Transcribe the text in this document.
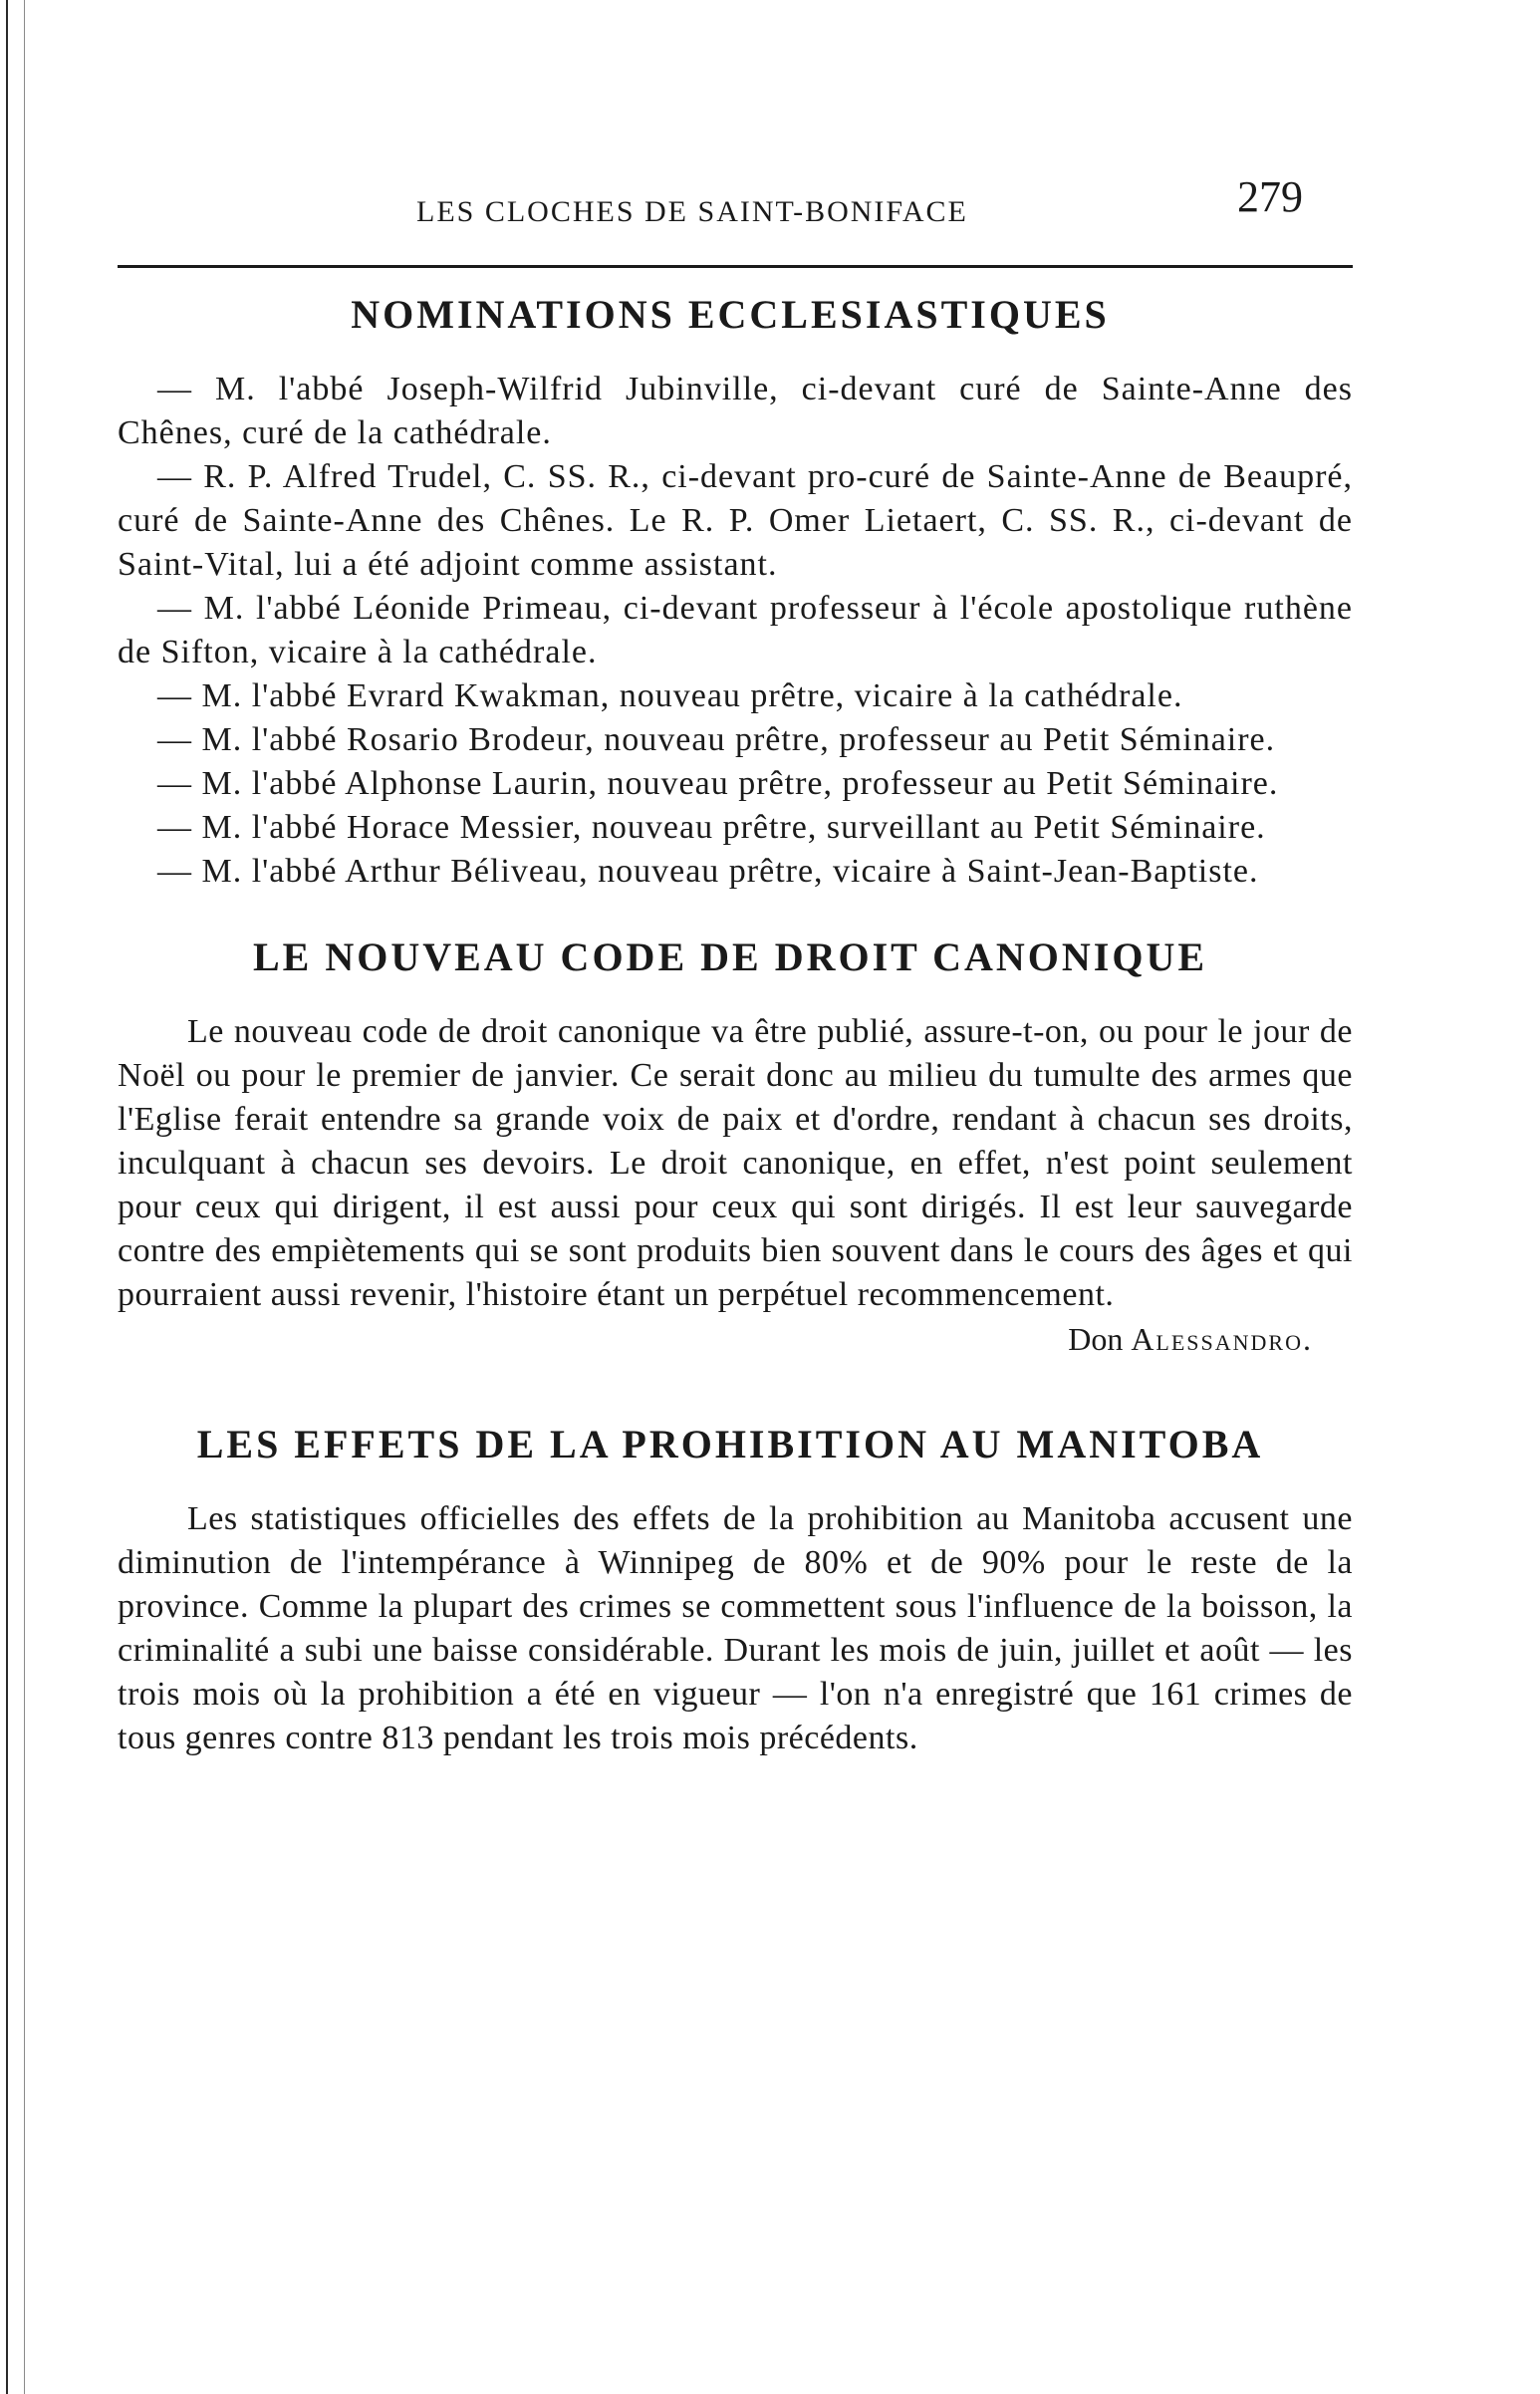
LES CLOCHES DE SAINT-BONIFACE	279
NOMINATIONS ECCLESIASTIQUES

— M. l'abbé Joseph-Wilfrid Jubinville, ci-devant curé de Sainte-Anne des Chênes, curé de la cathédrale.

— R. P. Alfred Trudel, C. SS. R., ci-devant pro-curé de Sainte-Anne de Beaupré, curé de Sainte-Anne des Chênes. Le R. P. Omer Lietaert, C. SS. R., ci-devant de Saint-Vital, lui a été adjoint comme assistant.

— M. l'abbé Léonide Primeau, ci-devant professeur à l'école apostolique ruthène de Sifton, vicaire à la cathédrale.

— M. l'abbé Evrard Kwakman, nouveau prêtre, vicaire à la cathédrale.

— M. l'abbé Rosario Brodeur, nouveau prêtre, professeur au Petit Séminaire.

— M. l'abbé Alphonse Laurin, nouveau prêtre, professeur au Petit Séminaire.

— M. l'abbé Horace Messier, nouveau prêtre, surveillant au Petit Séminaire.

— M. l'abbé Arthur Béliveau, nouveau prêtre, vicaire à Saint-Jean-Baptiste.

LE NOUVEAU CODE DE DROIT CANONIQUE

Le nouveau code de droit canonique va être publié, assure-t-on, ou pour le jour de Noël ou pour le premier de janvier. Ce serait donc au milieu du tumulte des armes que l'Eglise ferait entendre sa grande voix de paix et d'ordre, rendant à chacun ses droits, inculquant à chacun ses devoirs. Le droit canonique, en effet, n'est point seulement pour ceux qui dirigent, il est aussi pour ceux qui sont dirigés. Il est leur sauvegarde contre des empiètements qui se sont produits bien souvent dans le cours des âges et qui pourraient aussi revenir, l'histoire étant un perpétuel recommencement.

Don Alessandro.

LES EFFETS DE LA PROHIBITION AU MANITOBA

Les statistiques officielles des effets de la prohibition au Manitoba accusent une diminution de l'intempérance à Winnipeg de 80% et de 90% pour le reste de la province. Comme la plupart des crimes se commettent sous l'influence de la boisson, la criminalité a subi une baisse considérable. Durant les mois de juin, juillet et août — les trois mois où la prohibition a été en vigueur — l'on n'a enregistré que 161 crimes de tous genres contre 813 pendant les trois mois précédents.
